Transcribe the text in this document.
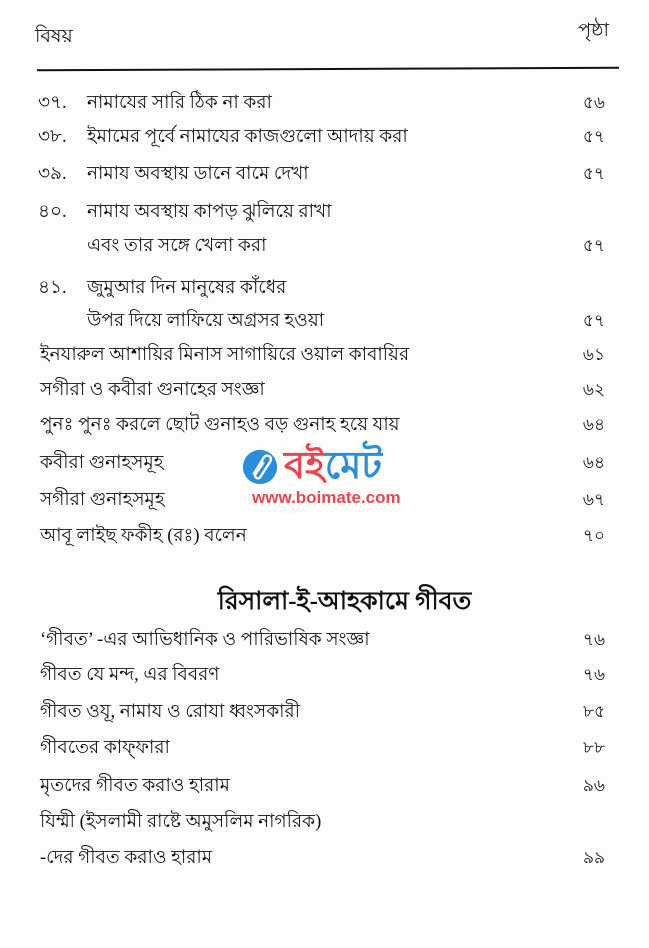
বিষয়	পৃষ্ঠা
৩৭. নামাযের সারি ঠিক না করা	৫৬
৩৮. ইমামের পূর্বে নামাযের কাজগুলো আদায় করা	৫৭
৩৯. নামায অবস্থায় ডানে বামে দেখা	৫৭
৪০. নামায অবস্থায় কাপড় ঝুলিয়ে রাখা
এবং তার সঙ্গে খেলা করা	৫৭
৪১. জুমুআর দিন মানুষের কাঁধের
উপর দিয়ে লাফিয়ে অগ্রসর হওয়া	৫৭
ইনযারুল আশায়ির মিনাস সাগায়িরে ওয়াল কাবায়ির	৬১
সগীরা ও কবীরা গুনাহের সংজ্ঞা	৬২
পুনঃ পুনঃ করলে ছোট গুনাহও বড় গুনাহ হয়ে যায়	৬৪
কবীরা গুনাহসমূহ	৬৪
সগীরা গুনাহসমূহ	৬৭
আবূ লাইছ ফকীহ (রঃ) বলেন	৭০
রিসালা-ই-আহকামে গীবত
‘গীবত’ -এর আভিধানিক ও পারিভাষিক সংজ্ঞা	৭৬
গীবত যে মন্দ, এর বিবরণ	৭৬
গীবত ওযূ, নামায ও রোযা ধ্বংসকারী	৮৫
গীবতের কাফ্‌ফারা	৮৮
মৃতদের গীবত করাও হারাম	৯৬
যিম্মী (ইসলামী রাষ্টে অমুসলিম নাগরিক)
-দের গীবত করাও হারাম	৯৯
বইমেট
www.boimate.com
